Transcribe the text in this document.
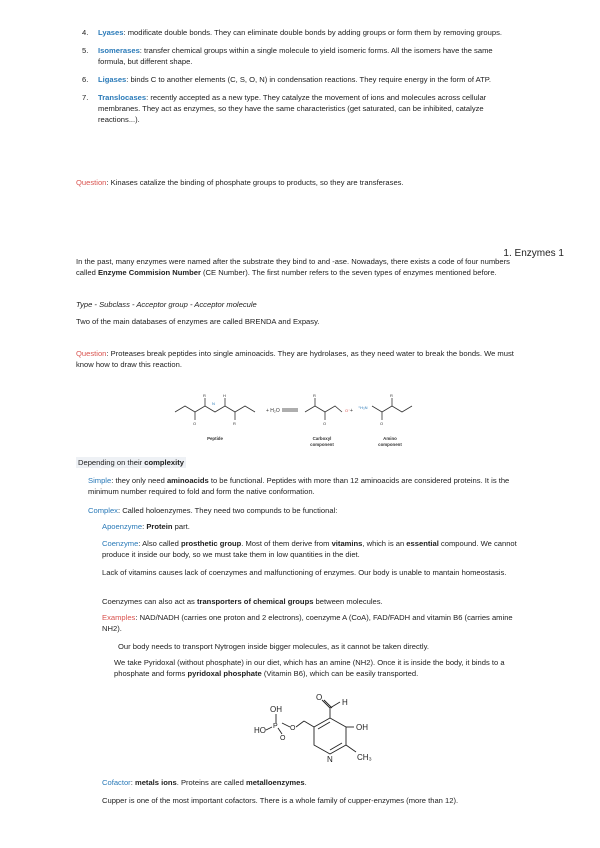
4. Lyases: modificate double bonds. They can eliminate double bonds by adding groups or form them by removing groups.

5. Isomerases: transfer chemical groups within a single molecule to yield isomeric forms. All the isomers have the same formula, but different shape.

6. Ligases: binds C to another elements (C, S, O, N) in condensation reactions. They require energy in the form of ATP.

7. Translocases: recently accepted as a new type. They catalyze the movement of ions and molecules across cellular membranes. They act as enzymes, so they have the same characteristics (get saturated, can be inhibited, catalyze reactions...).

Question: Kinases catalize the binding of phosphate groups to products, so they are transferases.

1. Enzymes 1

In the past, many enzymes were named after the substrate they bind to and -ase. Nowadays, there exists a code of four numbers called Enzyme Commision Number (CE Number). The first number refers to the seven types of enzymes mentioned before.

Type - Subclass - Acceptor group - Acceptor molecule

Two of the main databases of enzymes are called BRENDA and Expasy.

Question: Proteases break peptides into single aminoacids. They are hydrolases, as they need water to break the bonds. We must know how to draw this reaction.

R	H
O	R
R
O
R
O
N
⁺H₃N
O⁻
+ H₂O	+
Peptide	Carboxyl
component
Amino
component

Depending on their complexity

Simple: they only need aminoacids to be functional. Peptides with more than 12 aminoacids are considered proteins. It is the minimum number required to fold and form the native conformation.

Complex: Called holoenzymes. They need two compunds to be functional:

Apoenzyme: Protein part.

Coenzyme: Also called prosthetic group. Most of them derive from vitamins, which is an essential compound. We cannot produce it inside our body, so we must take them in low quantities in the diet.

Lack of vitamins causes lack of coenzymes and malfunctioning of enzymes. Our body is unable to mantain homeostasis.

Coenzymes can also act as transporters of chemical groups between molecules.

Examples: NAD/NADH (carries one proton and 2 electrons), coenzyme A (CoA), FAD/FADH and vitamin B6 (carries amine NH2).

Our body needs to transport Nytrogen inside bigger molecules, as it cannot be taken directly.

We take Pyridoxal (without phosphate) in our diet, which has an amine (NH2). Once it is inside the body, it binds to a phosphate and forms pyridoxal phosphate (Vitamin B6), which can be easily transported.

OH
HO P O
O
H
OH
N	CH₃
O

Cofactor: metals ions. Proteins are called metalloenzymes.

Cupper is one of the most important cofactors. There is a whole family of cupper-enzymes (more than 12).
